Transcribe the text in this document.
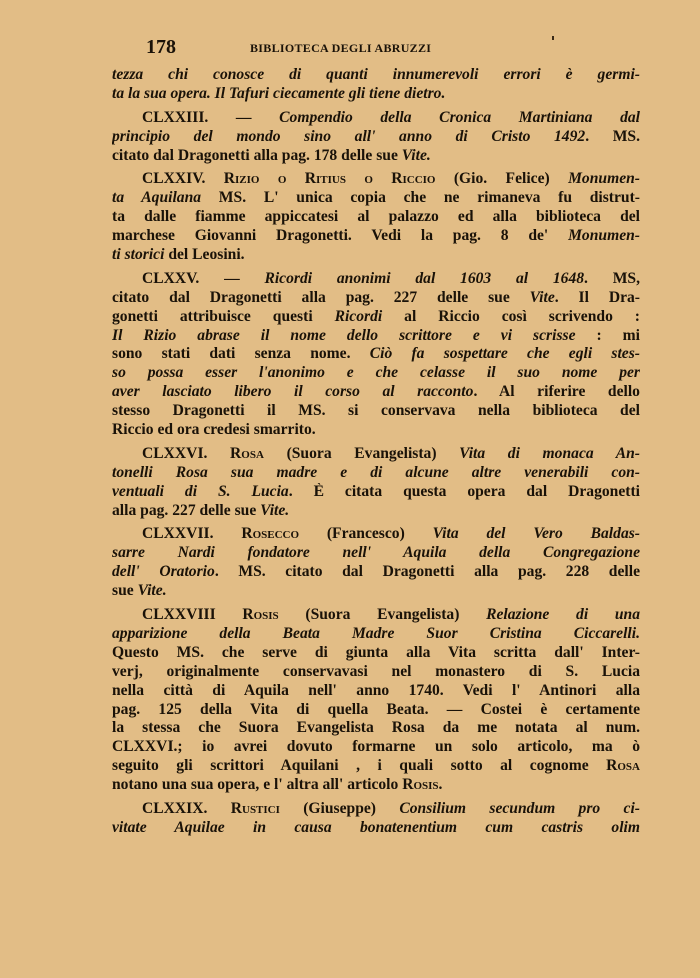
178	BIBLIOTECA DEGLI ABRUZZI
tezza chi conosce di quanti innumerevoli errori è germi-
ta la sua opera. Il Tafuri ciecamente gli tiene dietro.
CLXXIII. — Compendio della Cronica Martiniana dal
principio del mondo sino all' anno di Cristo 1492. MS.
citato dal Dragonetti alla pag. 178 delle sue Vite.
CLXXIV. Rizio o Ritius o Riccio (Gio. Felice) Monumen-
ta Aquilana MS. L' unica copia che ne rimaneva fu distrut-
ta dalle fiamme appiccatesi al palazzo ed alla biblioteca del
marchese Giovanni Dragonetti. Vedi la pag. 8 de' Monumen-
ti storici del Leosini.
CLXXV. — Ricordi anonimi dal 1603 al 1648. MS,
citato dal Dragonetti alla pag. 227 delle sue Vite. Il Dra-
gonetti attribuisce questi Ricordi al Riccio così scrivendo :
Il Rizio abrase il nome dello scrittore e vi scrisse : mi
sono stati dati senza nome. Ciò fa sospettare che egli stes-
so possa esser l'anonimo e che celasse il suo nome per
aver lasciato libero il corso al racconto. Al riferire dello
stesso Dragonetti il MS. si conservava nella biblioteca del
Riccio ed ora credesi smarrito.
CLXXVI. Rosa (Suora Evangelista) Vita di monaca An-
tonelli Rosa sua madre e di alcune altre venerabili con-
ventuali di S. Lucia. È citata questa opera dal Dragonetti
alla pag. 227 delle sue Vite.
CLXXVII. Rosecco (Francesco) Vita del Vero Baldas-
sarre Nardi fondatore nell' Aquila della Congregazione
dell' Oratorio. MS. citato dal Dragonetti alla pag. 228 delle
sue Vite.
CLXXVIII Rosis (Suora Evangelista) Relazione di una
apparizione della Beata Madre Suor Cristina Ciccarelli.
Questo MS. che serve di giunta alla Vita scritta dall' Inter-
verj, originalmente conservavasi nel monastero di S. Lucia
nella città di Aquila nell' anno 1740. Vedi l' Antinori alla
pag. 125 della Vita di quella Beata. — Costei è certamente
la stessa che Suora Evangelista Rosa da me notata al num.
CLXXVI.; io avrei dovuto formarne un solo articolo, ma ò
seguito gli scrittori Aquilani , i quali sotto al cognome Rosa
notano una sua opera, e l' altra all' articolo Rosis.
CLXXIX. Rustici (Giuseppe) Consilium secundum pro ci-
vitate Aquilae in causa bonatenentium cum castris olim
